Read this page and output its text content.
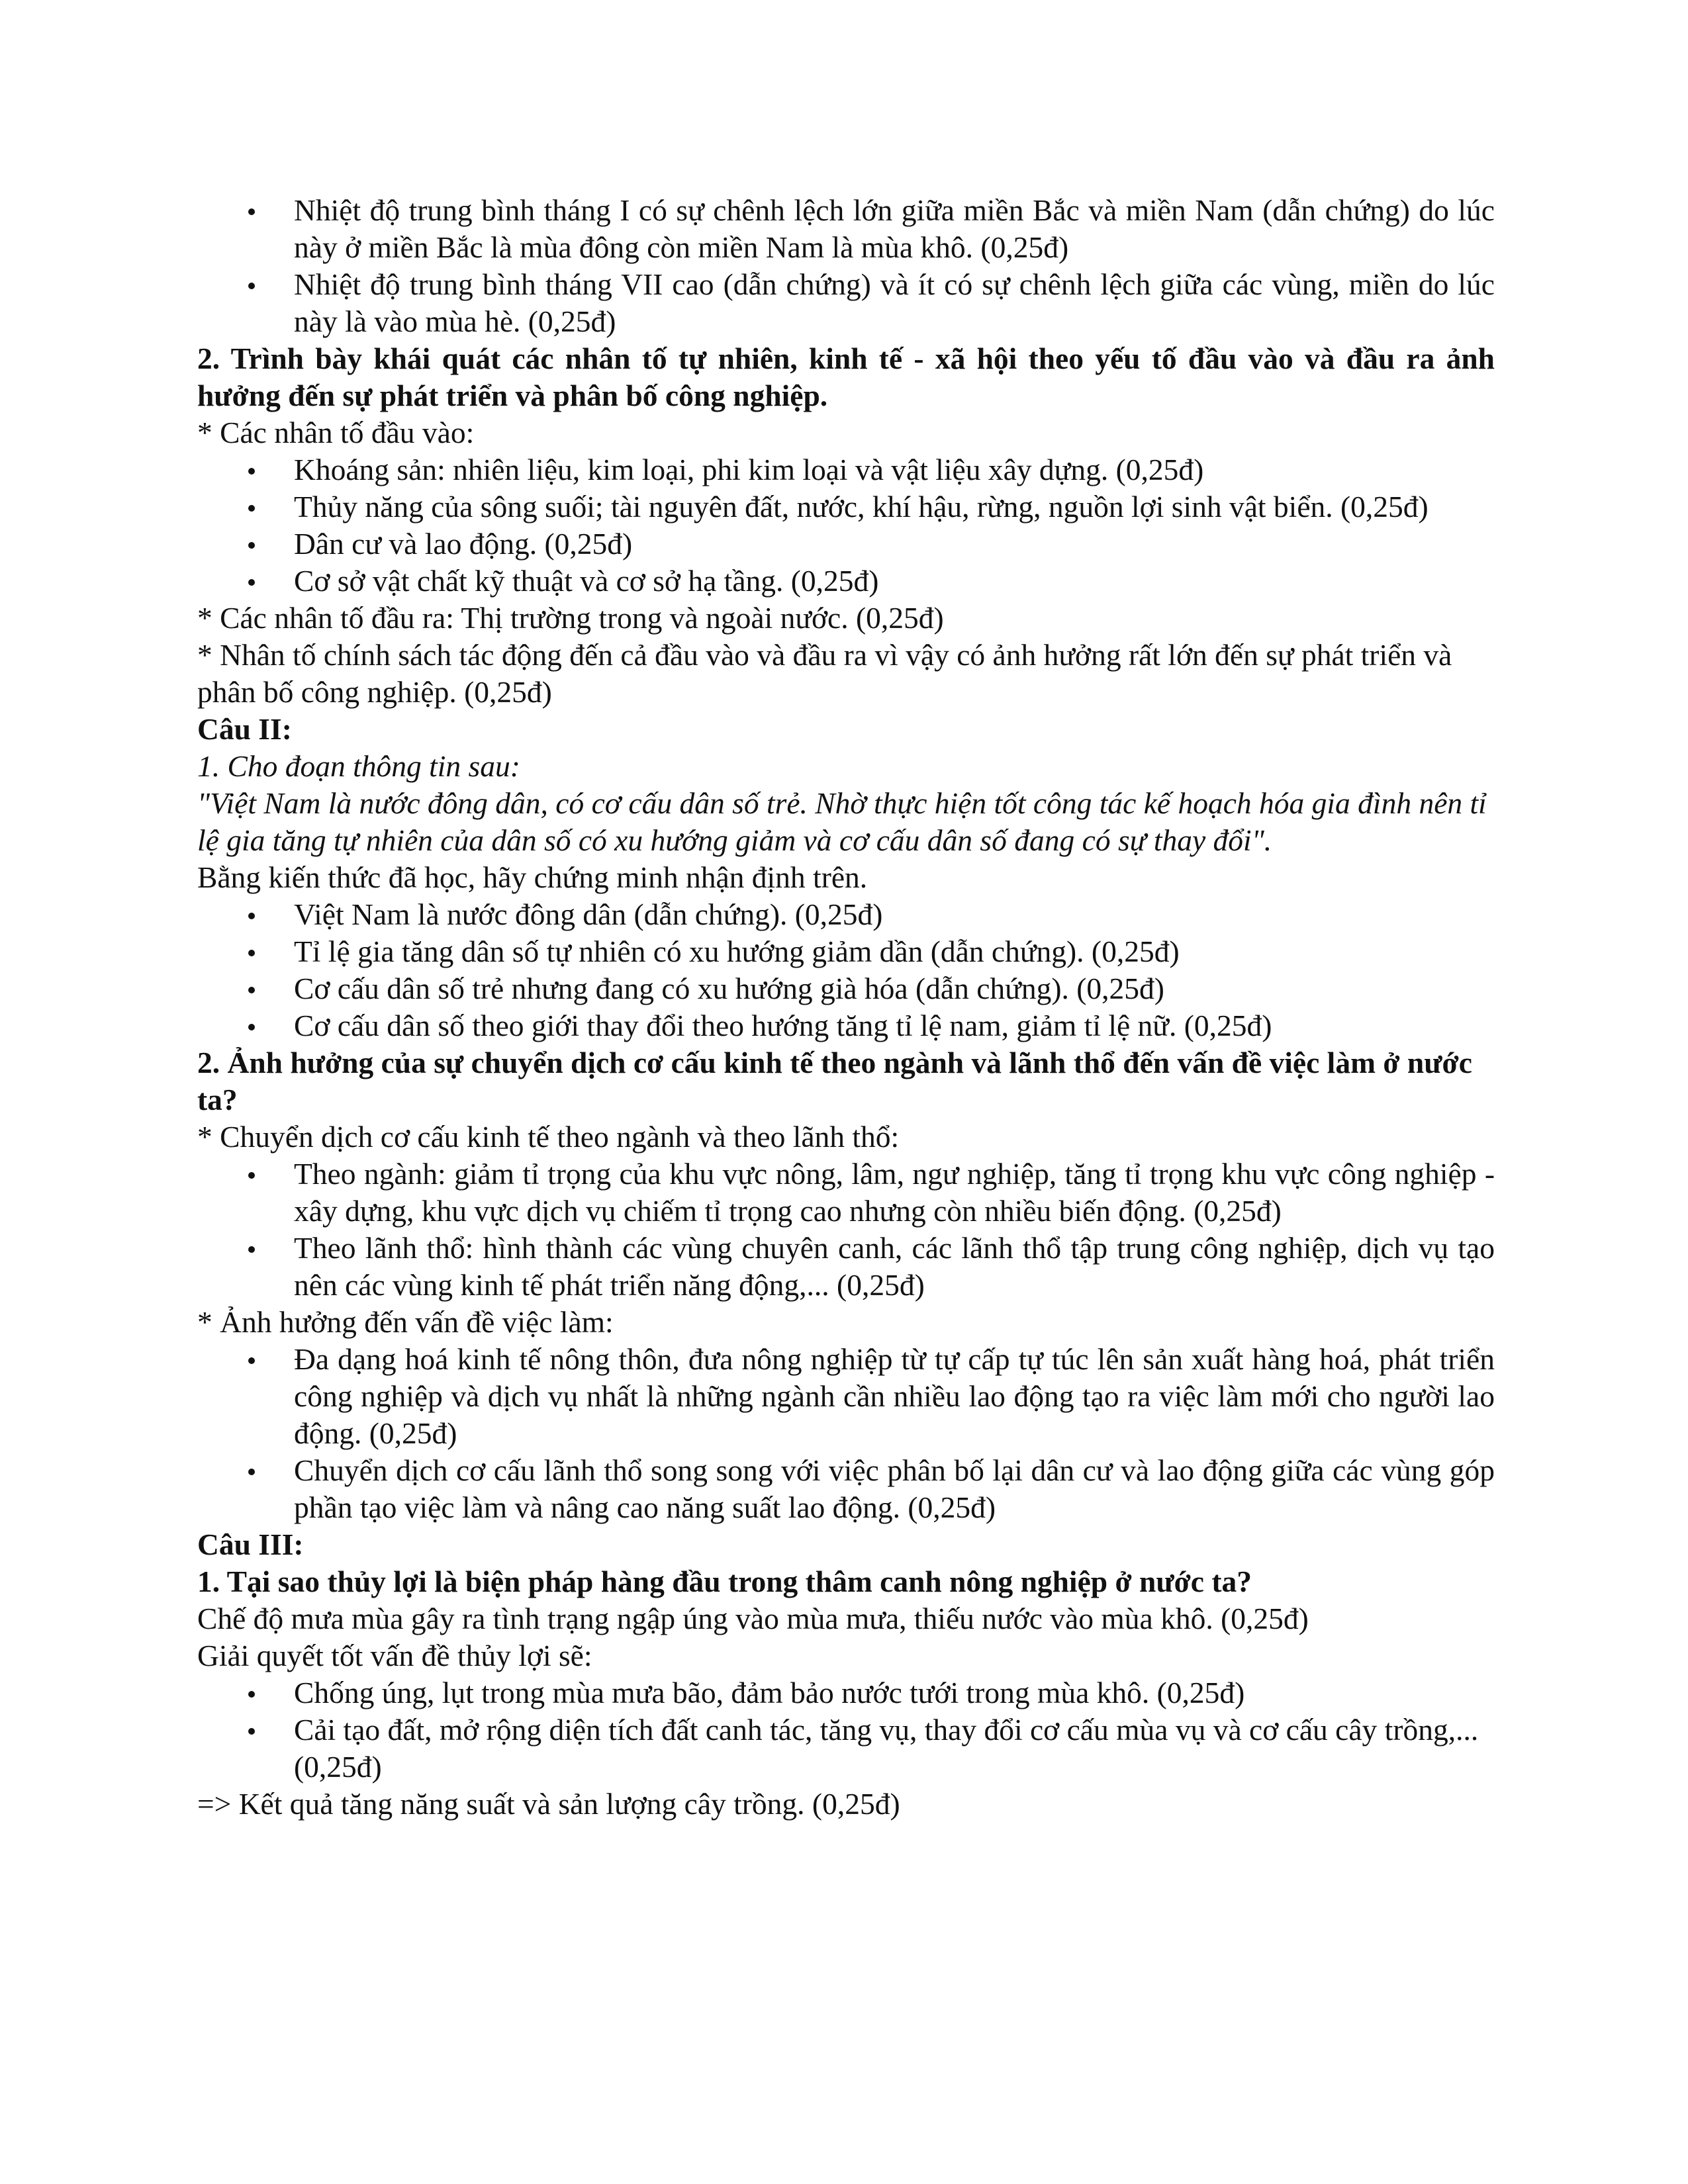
Nhiệt độ trung bình tháng I có sự chênh lệch lớn giữa miền Bắc và miền Nam (dẫn chứng) do lúc này ở miền Bắc là mùa đông còn miền Nam là mùa khô. (0,25đ)
Nhiệt độ trung bình tháng VII cao (dẫn chứng) và ít có sự chênh lệch giữa các vùng, miền do lúc này là vào mùa hè. (0,25đ)

2. Trình bày khái quát các nhân tố tự nhiên, kinh tế - xã hội theo yếu tố đầu vào và đầu ra ảnh hưởng đến sự phát triển và phân bố công nghiệp.

* Các nhân tố đầu vào:

Khoáng sản: nhiên liệu, kim loại, phi kim loại và vật liệu xây dựng. (0,25đ)
Thủy năng của sông suối; tài nguyên đất, nước, khí hậu, rừng, nguồn lợi sinh vật biển. (0,25đ)
Dân cư và lao động. (0,25đ)
Cơ sở vật chất kỹ thuật và cơ sở hạ tầng. (0,25đ)

* Các nhân tố đầu ra: Thị trường trong và ngoài nước. (0,25đ)

* Nhân tố chính sách tác động đến cả đầu vào và đầu ra vì vậy có ảnh hưởng rất lớn đến sự phát triển và phân bố công nghiệp. (0,25đ)

Câu II:

1. Cho đoạn thông tin sau:

"Việt Nam là nước đông dân, có cơ cấu dân số trẻ. Nhờ thực hiện tốt công tác kế hoạch hóa gia đình nên tỉ lệ gia tăng tự nhiên của dân số có xu hướng giảm và cơ cấu dân số đang có sự thay đổi".

Bằng kiến thức đã học, hãy chứng minh nhận định trên.

Việt Nam là nước đông dân (dẫn chứng). (0,25đ)
Tỉ lệ gia tăng dân số tự nhiên có xu hướng giảm dần (dẫn chứng). (0,25đ)
Cơ cấu dân số trẻ nhưng đang có xu hướng già hóa (dẫn chứng). (0,25đ)
Cơ cấu dân số theo giới thay đổi theo hướng tăng tỉ lệ nam, giảm tỉ lệ nữ. (0,25đ)

2. Ảnh hưởng của sự chuyển dịch cơ cấu kinh tế theo ngành và lãnh thổ đến vấn đề việc làm ở nước ta?

* Chuyển dịch cơ cấu kinh tế theo ngành và theo lãnh thổ:

Theo ngành: giảm tỉ trọng của khu vực nông, lâm, ngư nghiệp, tăng tỉ trọng khu vực công nghiệp - xây dựng, khu vực dịch vụ chiếm tỉ trọng cao nhưng còn nhiều biến động. (0,25đ)
Theo lãnh thổ: hình thành các vùng chuyên canh, các lãnh thổ tập trung công nghiệp, dịch vụ tạo nên các vùng kinh tế phát triển năng động,... (0,25đ)

* Ảnh hưởng đến vấn đề việc làm:

Đa dạng hoá kinh tế nông thôn, đưa nông nghiệp từ tự cấp tự túc lên sản xuất hàng hoá, phát triển công nghiệp và dịch vụ nhất là những ngành cần nhiều lao động tạo ra việc làm mới cho người lao động. (0,25đ)
Chuyển dịch cơ cấu lãnh thổ song song với việc phân bố lại dân cư và lao động giữa các vùng góp phần tạo việc làm và nâng cao năng suất lao động. (0,25đ)

Câu III:

1. Tại sao thủy lợi là biện pháp hàng đầu trong thâm canh nông nghiệp ở nước ta?

Chế độ mưa mùa gây ra tình trạng ngập úng vào mùa mưa, thiếu nước vào mùa khô. (0,25đ)

Giải quyết tốt vấn đề thủy lợi sẽ:

Chống úng, lụt trong mùa mưa bão, đảm bảo nước tưới trong mùa khô. (0,25đ)
Cải tạo đất, mở rộng diện tích đất canh tác, tăng vụ, thay đổi cơ cấu mùa vụ và cơ cấu cây trồng,... (0,25đ)

=> Kết quả tăng năng suất và sản lượng cây trồng. (0,25đ)
